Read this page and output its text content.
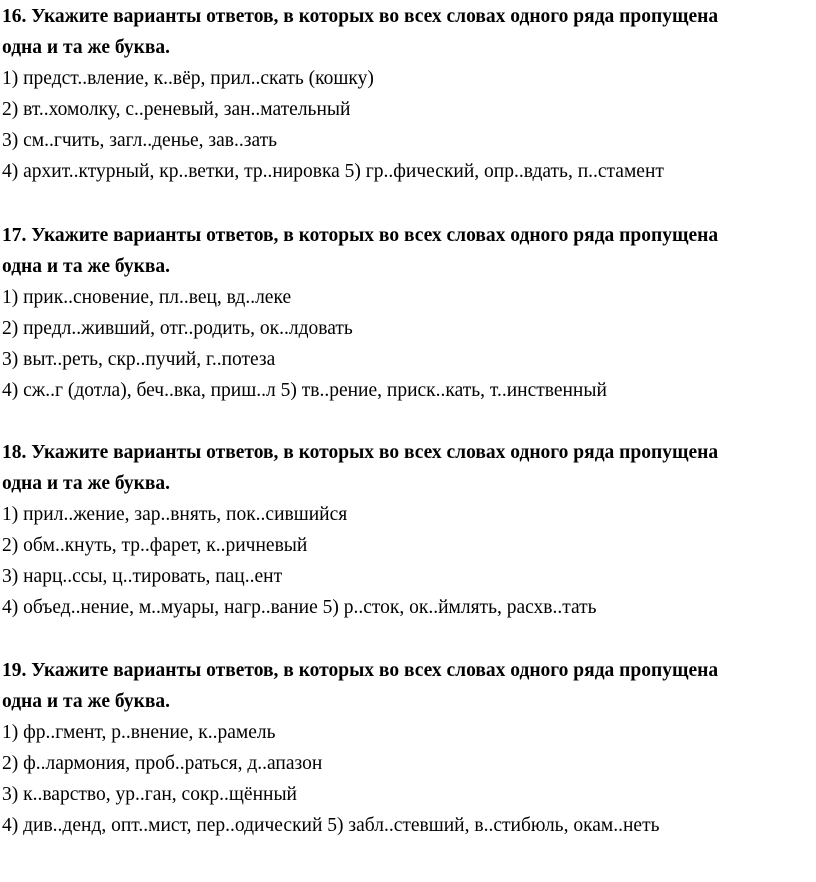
16. Укажите варианты ответов, в которых во всех словах одного ряда пропущена
одна и та же буква.
1) предст..вление, к..вёр, прил..скать (кошку)
2) вт..хомолку, с..реневый, зан..мательный
3) см..гчить, загл..денье, зав..зать
4) архит..ктурный, кр..ветки, тр..нировка 5) гр..фический, опр..вдать, п..стамент
17. Укажите варианты ответов, в которых во всех словах одного ряда пропущена
одна и та же буква.
1) прик..сновение, пл..вец, вд..леке
2) предл..живший, отг..родить, ок..лдовать
3) выт..реть, скр..пучий, г..потеза
4) сж..г (дотла), беч..вка, приш..л 5) тв..рение, приск..кать, т..инственный
18. Укажите варианты ответов, в которых во всех словах одного ряда пропущена
одна и та же буква.
1) прил..жение, зар..внять, пок..сившийся
2) обм..кнуть, тр..фарет, к..ричневый
3) нарц..ссы, ц..тировать, пац..ент
4) объед..нение, м..муары, нагр..вание 5) р..сток, ок..ймлять, расхв..тать
19. Укажите варианты ответов, в которых во всех словах одного ряда пропущена
одна и та же буква.
1) фр..гмент, р..внение, к..рамель
2) ф..лармония, проб..раться, д..апазон
3) к..варство, ур..ган, сокр..щённый
4) див..денд, опт..мист, пер..одический 5) забл..стевший, в..стибюль, окам..неть
